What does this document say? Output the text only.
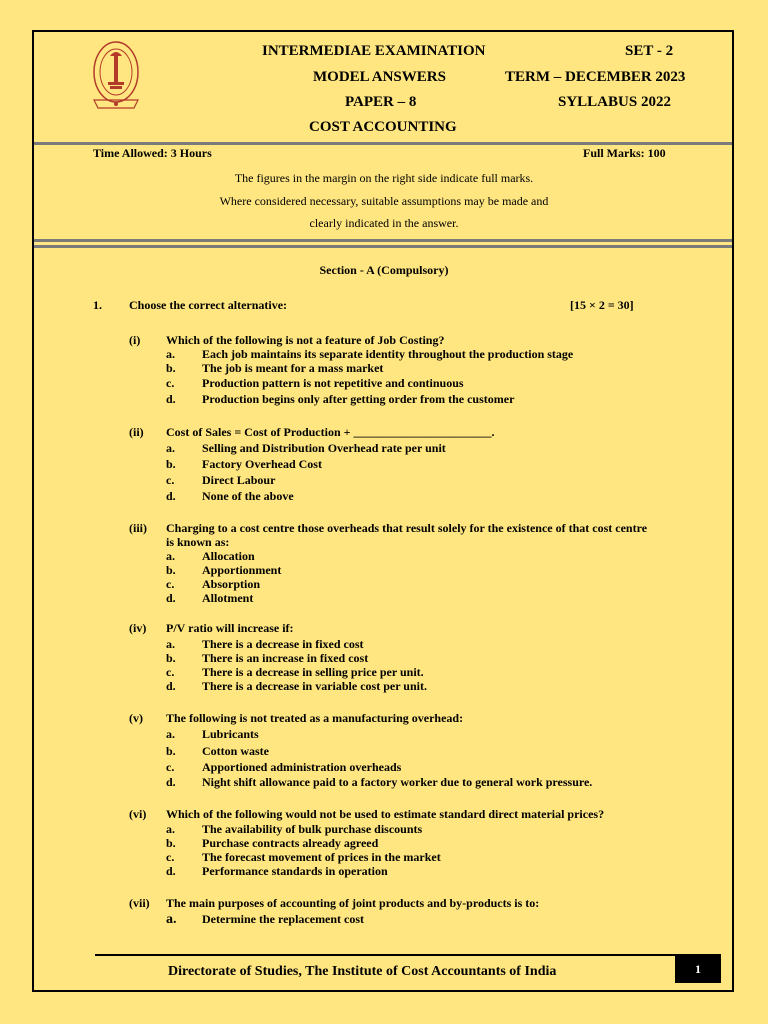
INTERMEDIAE EXAMINATION	SET - 2
MODEL ANSWERS	TERM – DECEMBER 2023
PAPER – 8	SYLLABUS 2022
COST ACCOUNTING
Time Allowed: 3 Hours	Full Marks: 100
The figures in the margin on the right side indicate full marks.
Where considered necessary, suitable assumptions may be made and
clearly indicated in the answer.
Section - A (Compulsory)
1. Choose the correct alternative:	[15 × 2 = 30]
(i) Which of the following is not a feature of Job Costing?
a. Each job maintains its separate identity throughout the production stage
b. The job is meant for a mass market
c. Production pattern is not repetitive and continuous
d. Production begins only after getting order from the customer
(ii) Cost of Sales = Cost of Production + _______________________.
a. Selling and Distribution Overhead rate per unit
b. Factory Overhead Cost
c. Direct Labour
d. None of the above
(iii) Charging to a cost centre those overheads that result solely for the existence of that cost centre
is known as:
a. Allocation
b. Apportionment
c. Absorption
d. Allotment
(iv) P/V ratio will increase if:
a. There is a decrease in fixed cost
b. There is an increase in fixed cost
c. There is a decrease in selling price per unit.
d. There is a decrease in variable cost per unit.
(v) The following is not treated as a manufacturing overhead:
a. Lubricants
b. Cotton waste
c. Apportioned administration overheads
d. Night shift allowance paid to a factory worker due to general work pressure.
(vi) Which of the following would not be used to estimate standard direct material prices?
a. The availability of bulk purchase discounts
b. Purchase contracts already agreed
c. The forecast movement of prices in the market
d. Performance standards in operation
(vii) The main purposes of accounting of joint products and by-products is to:
a. Determine the replacement cost
Directorate of Studies, The Institute of Cost Accountants of India	1
